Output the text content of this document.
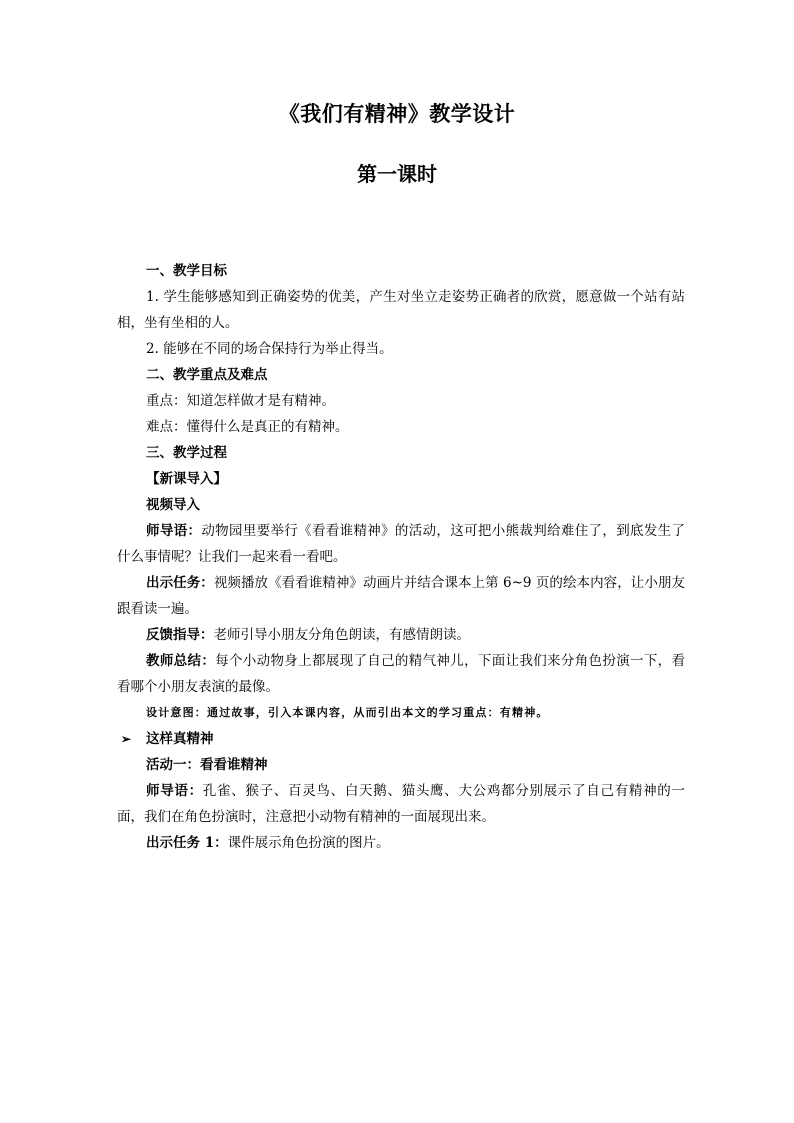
《我们有精神》教学设计
第一课时

一、教学目标

1. 学生能够感知到正确姿势的优美，产生对坐立走姿势正确者的欣赏，愿意做一个站有站相，坐有坐相的人。

2. 能够在不同的场合保持行为举止得当。

二、教学重点及难点

重点：知道怎样做才是有精神。

难点：懂得什么是真正的有精神。

三、教学过程

【新课导入】

视频导入

师导语：动物园里要举行《看看谁精神》的活动，这可把小熊裁判给难住了，到底发生了什么事情呢？让我们一起来看一看吧。

出示任务：视频播放《看看谁精神》动画片并结合课本上第 6~9 页的绘本内容，让小朋友跟看读一遍。

反馈指导：老师引导小朋友分角色朗读，有感情朗读。

教师总结：每个小动物身上都展现了自己的精气神儿，下面让我们来分角色扮演一下，看看哪个小朋友表演的最像。

设计意图：通过故事，引入本课内容，从而引出本文的学习重点：有精神。

➢	这样真精神

活动一：看看谁精神

师导语：孔雀、猴子、百灵鸟、白天鹅、猫头鹰、大公鸡都分别展示了自己有精神的一面，我们在角色扮演时，注意把小动物有精神的一面展现出来。

出示任务 1：课件展示角色扮演的图片。
